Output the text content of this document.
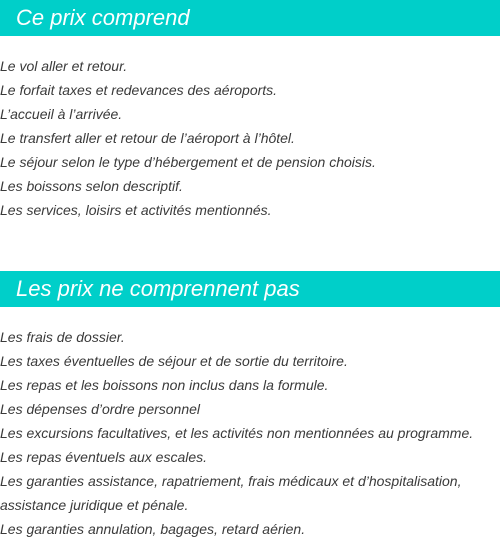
Ce prix comprend
Le vol aller et retour.
Le forfait taxes et redevances des aéroports.
L’accueil à l’arrivée.
Le transfert aller et retour de l’aéroport à l’hôtel.
Le séjour selon le type d’hébergement et de pension choisis.
Les boissons selon descriptif.
Les services, loisirs et activités mentionnés.
Les prix ne comprennent pas
Les frais de dossier.
Les taxes éventuelles de séjour et de sortie du territoire.
Les repas et les boissons non inclus dans la formule.
Les dépenses d’ordre personnel
Les excursions facultatives, et les activités non mentionnées au programme.
Les repas éventuels aux escales.
Les garanties assistance, rapatriement, frais médicaux et d’hospitalisation,
assistance juridique et pénale.
Les garanties annulation, bagages, retard aérien.
